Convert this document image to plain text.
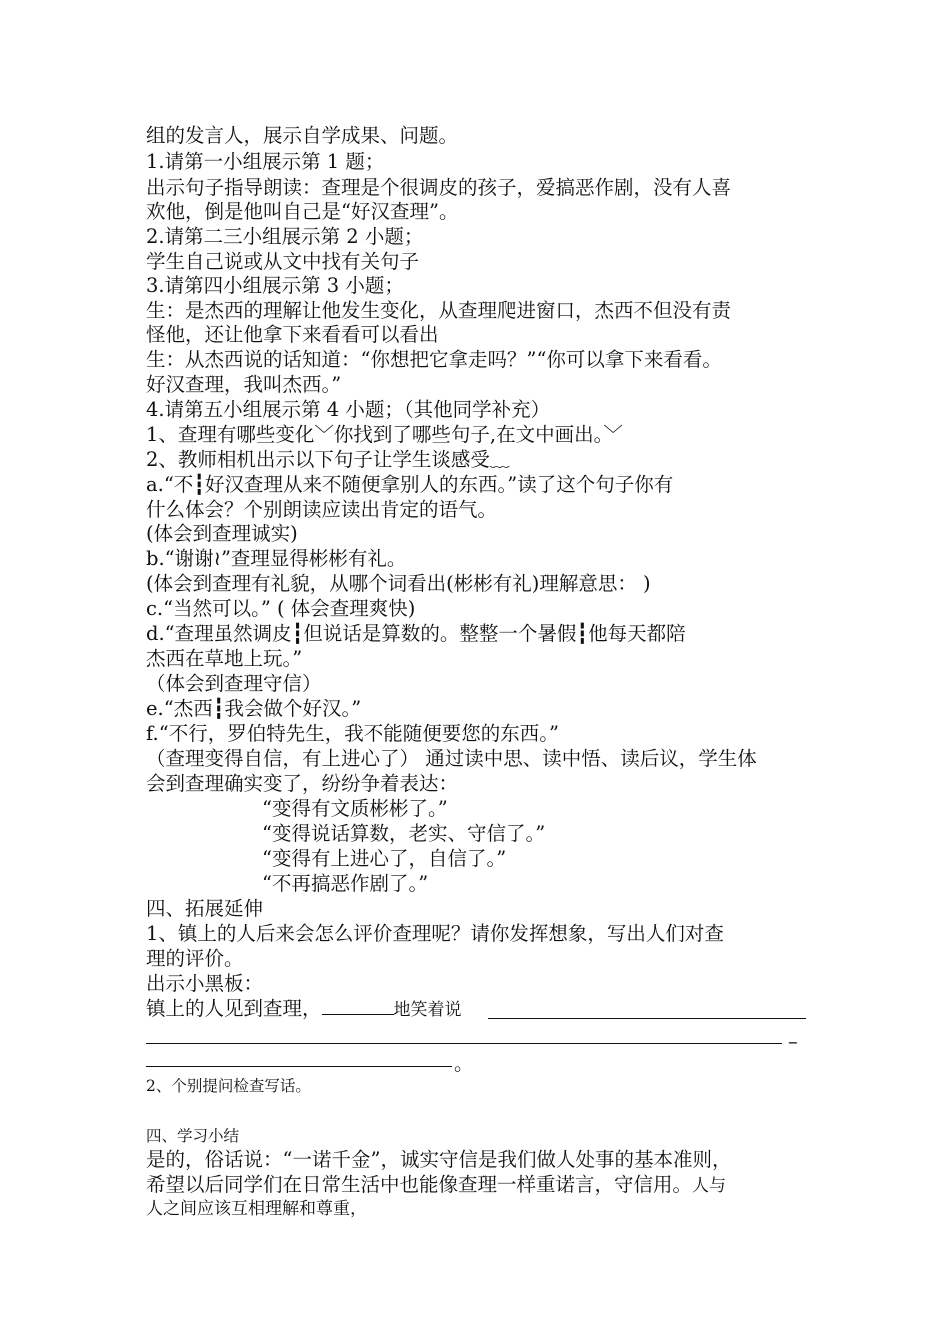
组的发言人，展示自学成果、问题。
1.请第一小组展示第 1 题；
出示句子指导朗读：查理是个很调皮的孩子，爱搞恶作剧，没有人喜
欢他，倒是他叫自己是“好汉查理”。
2.请第二三小组展示第 2 小题；
学生自己说或从文中找有关句子
3.请第四小组展示第 3 小题；
生：是杰西的理解让他发生变化，从查理爬进窗口，杰西不但没有责
怪他，还让他拿下来看看可以看出
生：从杰西说的话知道：“你想把它拿走吗？”“你可以拿下来看看。
好汉查理，我叫杰西。”
4.请第五小组展示第 4 小题；（其他同学补充）
1、查理有哪些变化﹀你找到了哪些句子,在文中画出。﹀
2、教师相机出示以下句子让学生谈感受﹏
a.“不┇好汉查理从来不随便拿别人的东西。”读了这个句子你有
什么体会？个别朗读应读出肯定的语气。
(体会到查理诚实)
b.“谢谢≀”查理显得彬彬有礼。
(体会到查理有礼貌，从哪个词看出(彬彬有礼)理解意思： )
c.“当然可以。” ( 体会查理爽快)
d.“查理虽然调皮┇但说话是算数的。整整一个暑假┇他每天都陪
杰西在草地上玩。”
（体会到查理守信）
e.“杰西┇我会做个好汉。”
f.“不行，罗伯特先生，我不能随便要您的东西。”
（查理变得自信，有上进心了） 通过读中思、读中悟、读后议，学生体
会到查理确实变了，纷纷争着表达：
“变得有文质彬彬了。”
“变得说话算数，老实、守信了。”
“变得有上进心了，自信了。”
“不再搞恶作剧了。”
四、拓展延伸
1、镇上的人后来会怎么评价查理呢？请你发挥想象，写出人们对查
理的评价。
出示小黑板：
镇上的人见到查理，	地笑着说
–
。
2、个别提问检查写话。
四、学习小结
是的，俗话说：“一诺千金”，诚实守信是我们做人处事的基本准则，
希望以后同学们在日常生活中也能像查理一样重诺言，守信用。人与
人之间应该互相理解和尊重，
